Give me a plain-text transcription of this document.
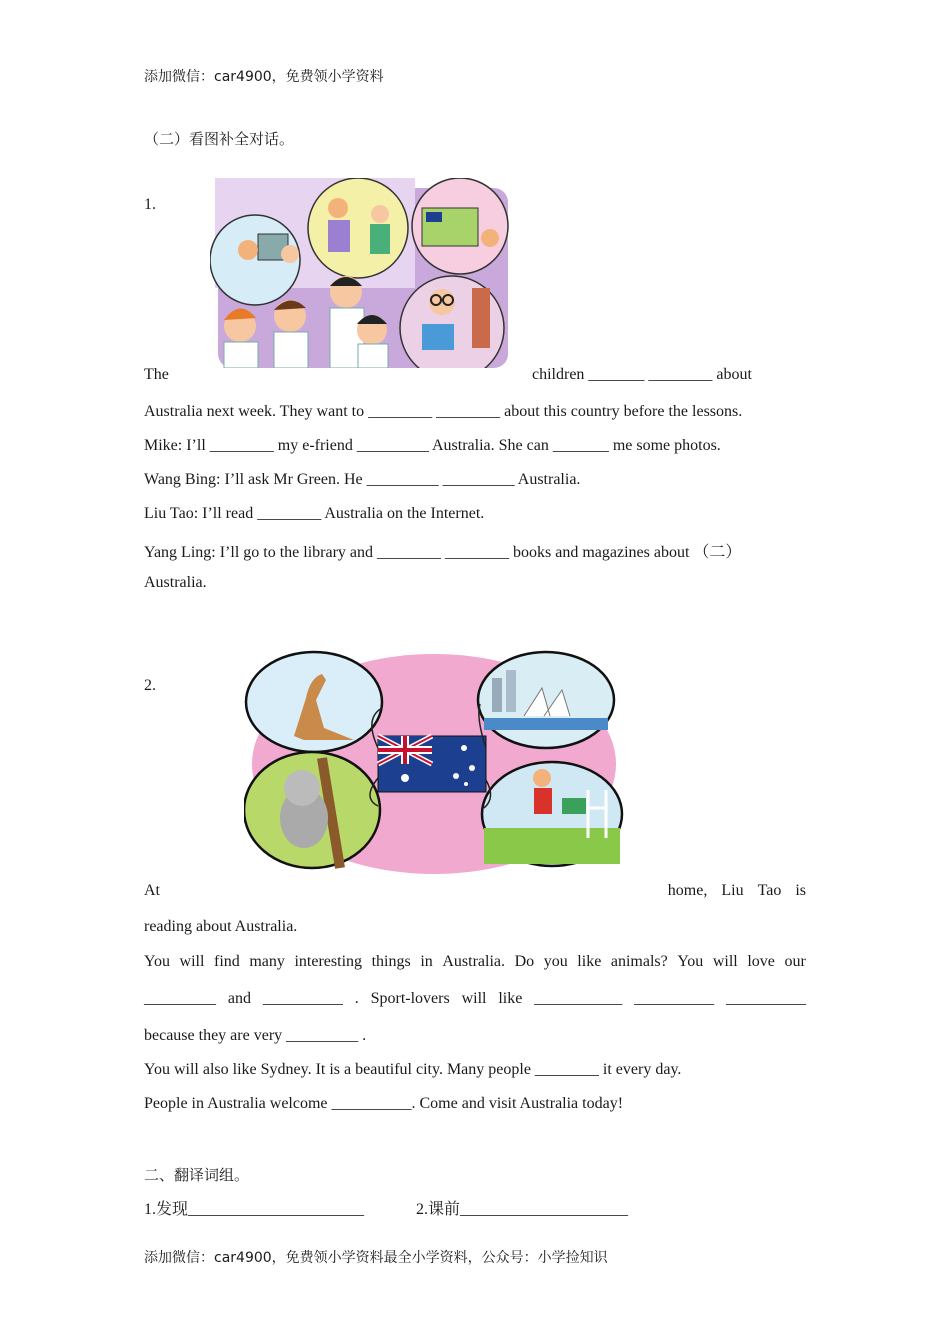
添加微信：car4900，免费领小学资料
（二）看图补全对话。
1.
The	children _______ ________ about
Australia next week. They want to ________ ________ about this country before the lessons.
Mike: I’ll ________ my e-friend _________ Australia. She can _______ me some photos.
Wang Bing: I’ll ask Mr Green. He _________ _________ Australia.
Liu Tao: I’ll read ________ Australia on the Internet.
Yang Ling: I’ll go to the library and ________ ________ books and magazines about （二）
Australia.
2.
At	home, Liu Tao is
reading about Australia.
You will find many interesting things in Australia. Do you like animals? You will love our
_________ and __________ . Sport-lovers will like ___________ __________ __________
because they are very _________ .
You will also like Sydney. It is a beautiful city. Many people ________ it every day.
People in Australia welcome __________. Come and visit Australia today!
二、翻译词组。
1.发现______________________	2.课前_____________________
添加微信：car4900，免费领小学资料最全小学资料，公众号：小学捡知识
